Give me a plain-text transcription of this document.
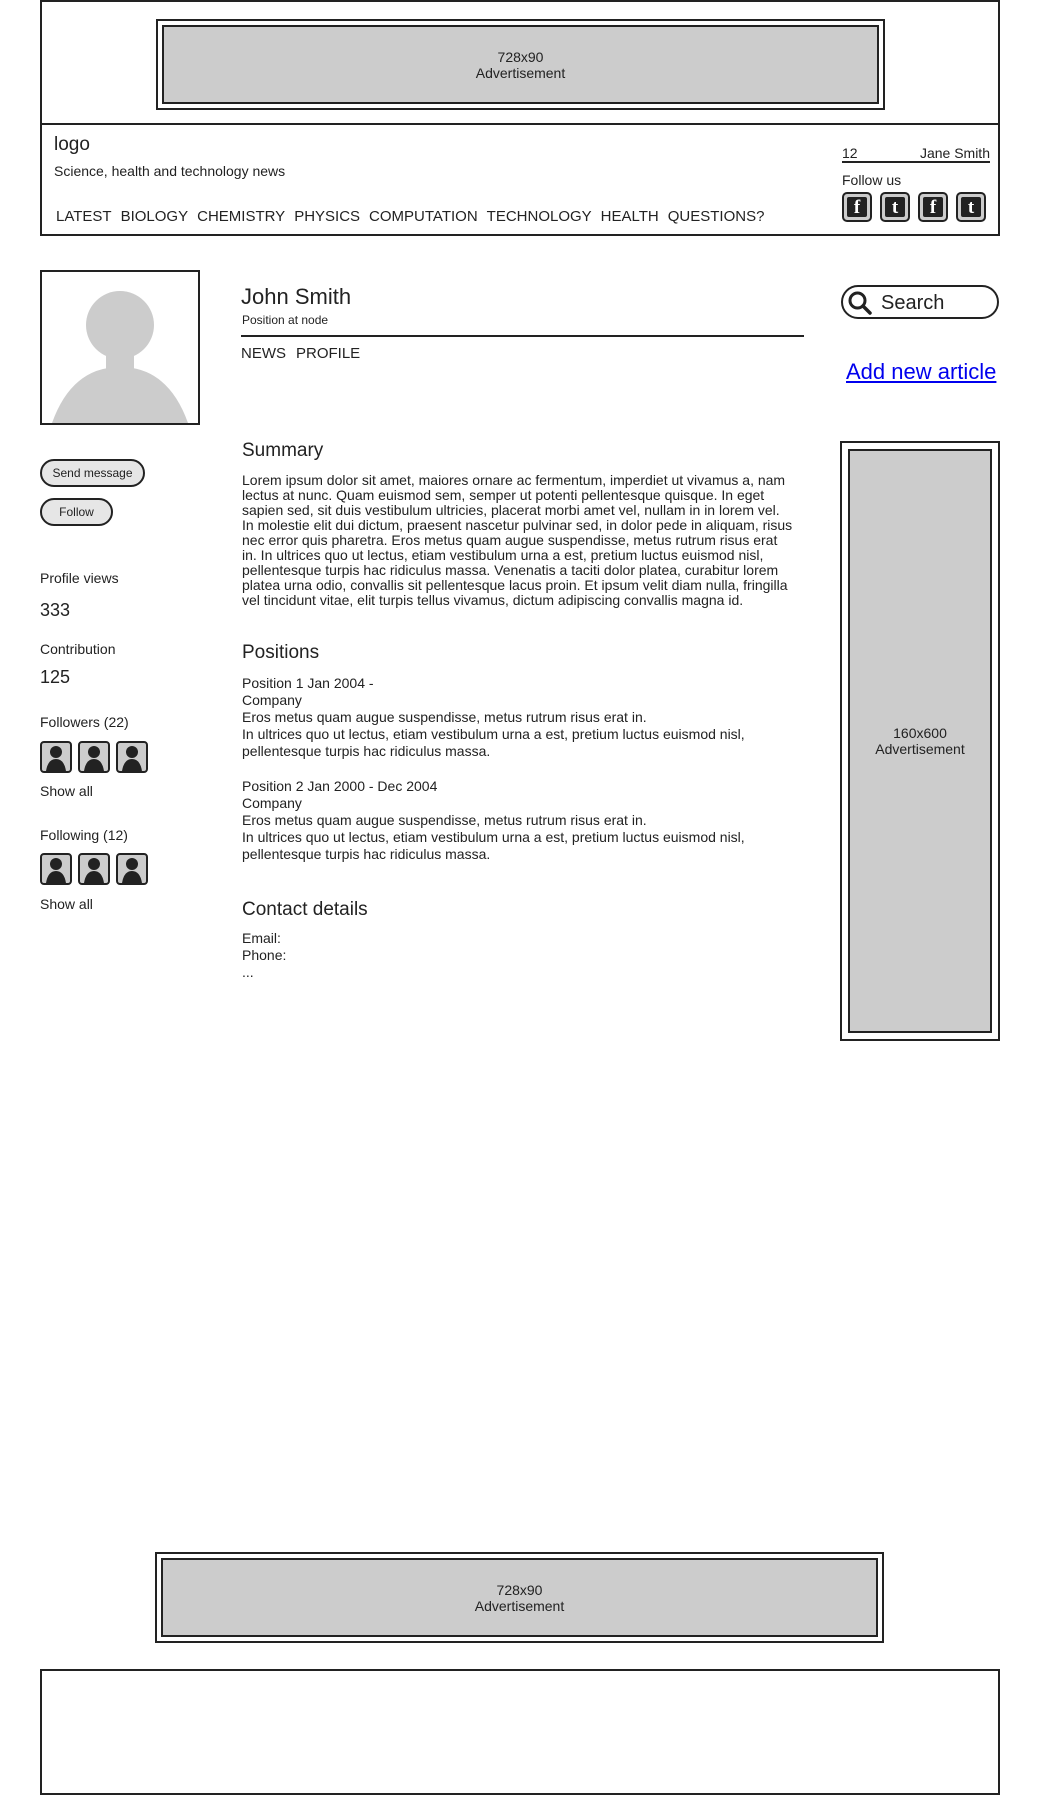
728x90
Advertisement
logo
Science, health and technology news
LATEST BIOLOGY CHEMISTRY PHYSICS COMPUTATION TECHNOLOGY HEALTH QUESTIONS?
12	Jane Smith
Follow us
f	t	f	t
John Smith
Position at node
NEWS PROFILE
Search
Add new article
Send message
Follow
Profile views
333
Contribution
125
Followers (22)
Show all
Following (12)
Show all
Summary
Lorem ipsum dolor sit amet, maiores ornare ac fermentum, imperdiet ut vivamus a, nam
lectus at nunc. Quam euismod sem, semper ut potenti pellentesque quisque. In eget
sapien sed, sit duis vestibulum ultricies, placerat morbi amet vel, nullam in in lorem vel.
In molestie elit dui dictum, praesent nascetur pulvinar sed, in dolor pede in aliquam, risus
nec error quis pharetra. Eros metus quam augue suspendisse, metus rutrum risus erat
in. In ultrices quo ut lectus, etiam vestibulum urna a est, pretium luctus euismod nisl,
pellentesque turpis hac ridiculus massa. Venenatis a taciti dolor platea, curabitur lorem
platea urna odio, convallis sit pellentesque lacus proin. Et ipsum velit diam nulla, fringilla
vel tincidunt vitae, elit turpis tellus vivamus, dictum adipiscing convallis magna id.
Positions
Position 1 Jan 2004 -
Company
Eros metus quam augue suspendisse, metus rutrum risus erat in.
In ultrices quo ut lectus, etiam vestibulum urna a est, pretium luctus euismod nisl,
pellentesque turpis hac ridiculus massa.
Position 2 Jan 2000 - Dec 2004
Company
Eros metus quam augue suspendisse, metus rutrum risus erat in.
In ultrices quo ut lectus, etiam vestibulum urna a est, pretium luctus euismod nisl,
pellentesque turpis hac ridiculus massa.
Contact details
Email:
Phone:
...
160x600
Advertisement
728x90
Advertisement
